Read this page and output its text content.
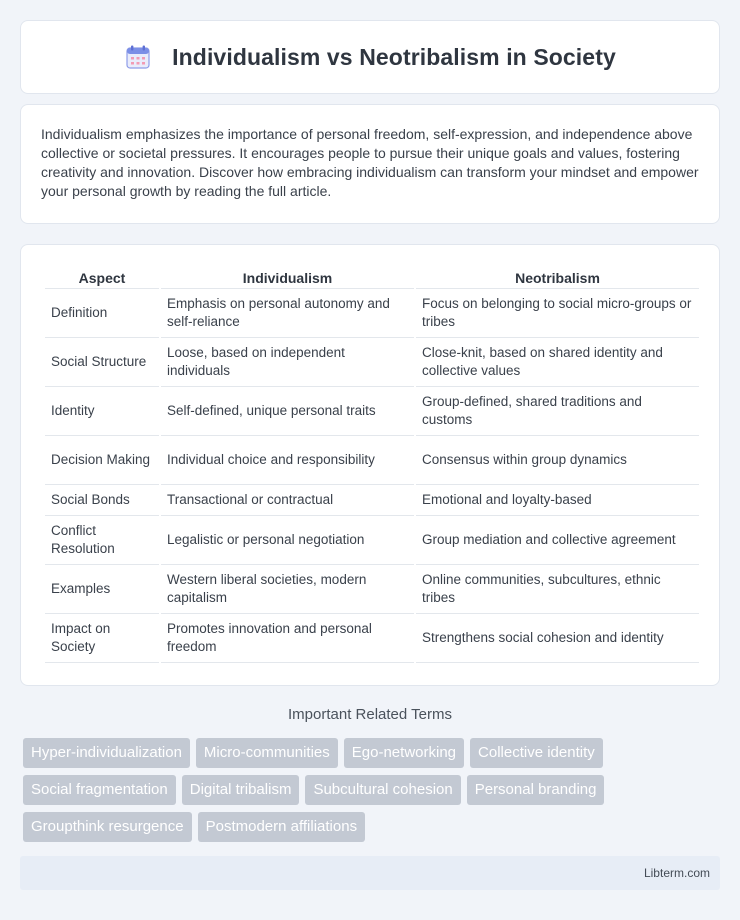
Individualism vs Neotribalism in Society

Individualism emphasizes the importance of personal freedom, self-expression, and independence above collective or societal pressures. It encourages people to pursue their unique goals and values, fostering creativity and innovation. Discover how embracing individualism can transform your mindset and empower your personal growth by reading the full article.

Aspect	Individualism	Neotribalism
Definition	Emphasis on personal autonomy and self-reliance	Focus on belonging to social micro-groups or tribes
Social Structure	Loose, based on independent individuals	Close-knit, based on shared identity and collective values
Identity	Self-defined, unique personal traits	Group-defined, shared traditions and customs
Decision Making	Individual choice and responsibility	Consensus within group dynamics
Social Bonds	Transactional or contractual	Emotional and loyalty-based
Conflict Resolution	Legalistic or personal negotiation	Group mediation and collective agreement
Examples	Western liberal societies, modern capitalism	Online communities, subcultures, ethnic tribes
Impact on Society	Promotes innovation and personal freedom	Strengthens social cohesion and identity
Important Related Terms
Hyper-individualization	Micro-communities	Ego-networking	Collective identity
Social fragmentation	Digital tribalism	Subcultural cohesion	Personal branding
Groupthink resurgence	Postmodern affiliations
Libterm.com
